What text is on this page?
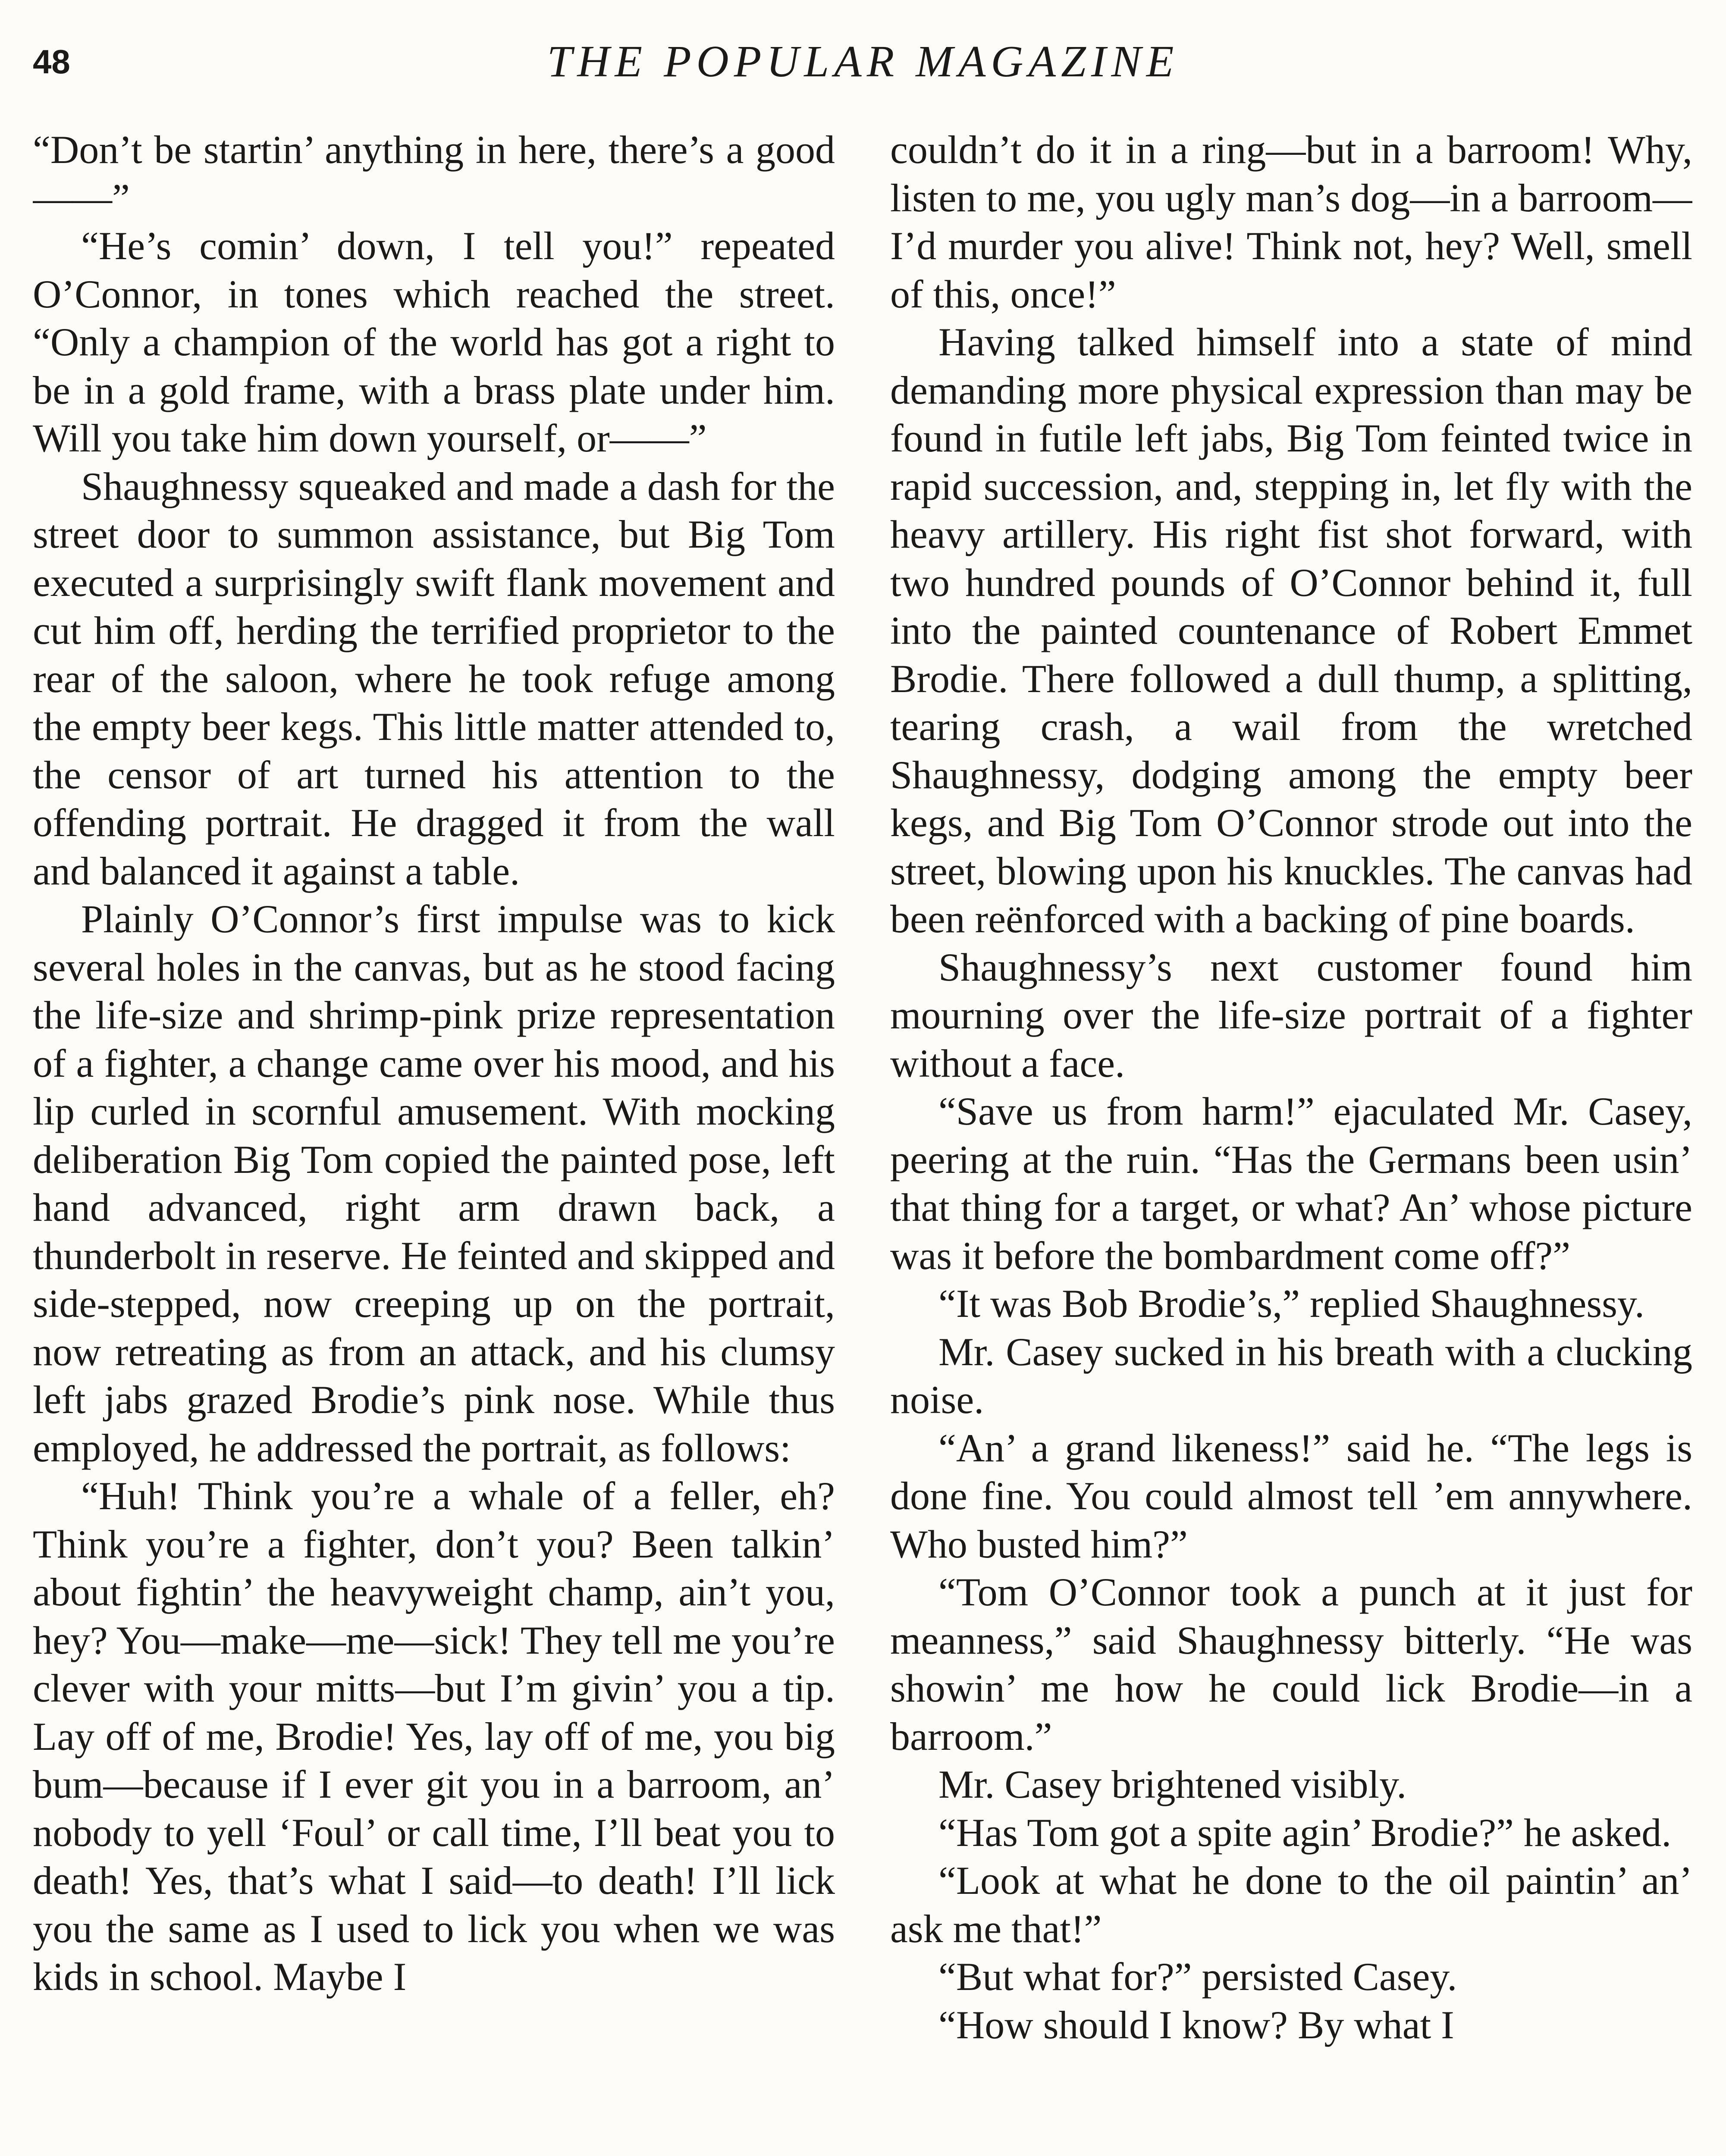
48	THE POPULAR MAGAZINE

“Don’t be startin’ anything in here, there’s a good——”

“He’s comin’ down, I tell you!” repeated O’Connor, in tones which reached the street. “Only a champion of the world has got a right to be in a gold frame, with a brass plate under him. Will you take him down yourself, or——”

Shaughnessy squeaked and made a dash for the street door to summon assistance, but Big Tom executed a surprisingly swift flank movement and cut him off, herding the terrified proprietor to the rear of the saloon, where he took refuge among the empty beer kegs. This little matter attended to, the censor of art turned his attention to the offending portrait. He dragged it from the wall and balanced it against a table.

Plainly O’Connor’s first impulse was to kick several holes in the canvas, but as he stood facing the life-size and shrimp-pink prize representation of a fighter, a change came over his mood, and his lip curled in scornful amusement. With mocking deliberation Big Tom copied the painted pose, left hand advanced, right arm drawn back, a thunderbolt in reserve. He feinted and skipped and side-stepped, now creeping up on the portrait, now retreating as from an attack, and his clumsy left jabs grazed Brodie’s pink nose. While thus employed, he addressed the portrait, as follows:

“Huh! Think you’re a whale of a feller, eh? Think you’re a fighter, don’t you? Been talkin’ about fightin’ the heavyweight champ, ain’t you, hey? You—make—me—sick! They tell me you’re clever with your mitts—but I’m givin’ you a tip. Lay off of me, Brodie! Yes, lay off of me, you big bum—because if I ever git you in a barroom, an’ nobody to yell ‘Foul’ or call time, I’ll beat you to death! Yes, that’s what I said—to death! I’ll lick you the same as I used to lick you when we was kids in school. Maybe I

couldn’t do it in a ring—but in a barroom! Why, listen to me, you ugly man’s dog—in a barroom—I’d murder you alive! Think not, hey? Well, smell of this, once!”

Having talked himself into a state of mind demanding more physical expression than may be found in futile left jabs, Big Tom feinted twice in rapid succession, and, stepping in, let fly with the heavy artillery. His right fist shot forward, with two hundred pounds of O’Connor behind it, full into the painted countenance of Robert Emmet Brodie. There followed a dull thump, a splitting, tearing crash, a wail from the wretched Shaughnessy, dodging among the empty beer kegs, and Big Tom O’Connor strode out into the street, blowing upon his knuckles. The canvas had been reënforced with a backing of pine boards.

Shaughnessy’s next customer found him mourning over the life-size portrait of a fighter without a face.

“Save us from harm!” ejaculated Mr. Casey, peering at the ruin. “Has the Germans been usin’ that thing for a target, or what? An’ whose picture was it before the bombardment come off?”

“It was Bob Brodie’s,” replied Shaughnessy.

Mr. Casey sucked in his breath with a clucking noise.

“An’ a grand likeness!” said he. “The legs is done fine. You could almost tell ’em annywhere. Who busted him?”

“Tom O’Connor took a punch at it just for meanness,” said Shaughnessy bitterly. “He was showin’ me how he could lick Brodie—in a barroom.”

Mr. Casey brightened visibly.

“Has Tom got a spite agin’ Brodie?” he asked.

“Look at what he done to the oil paintin’ an’ ask me that!”

“But what for?” persisted Casey.

“How should I know? By what I
